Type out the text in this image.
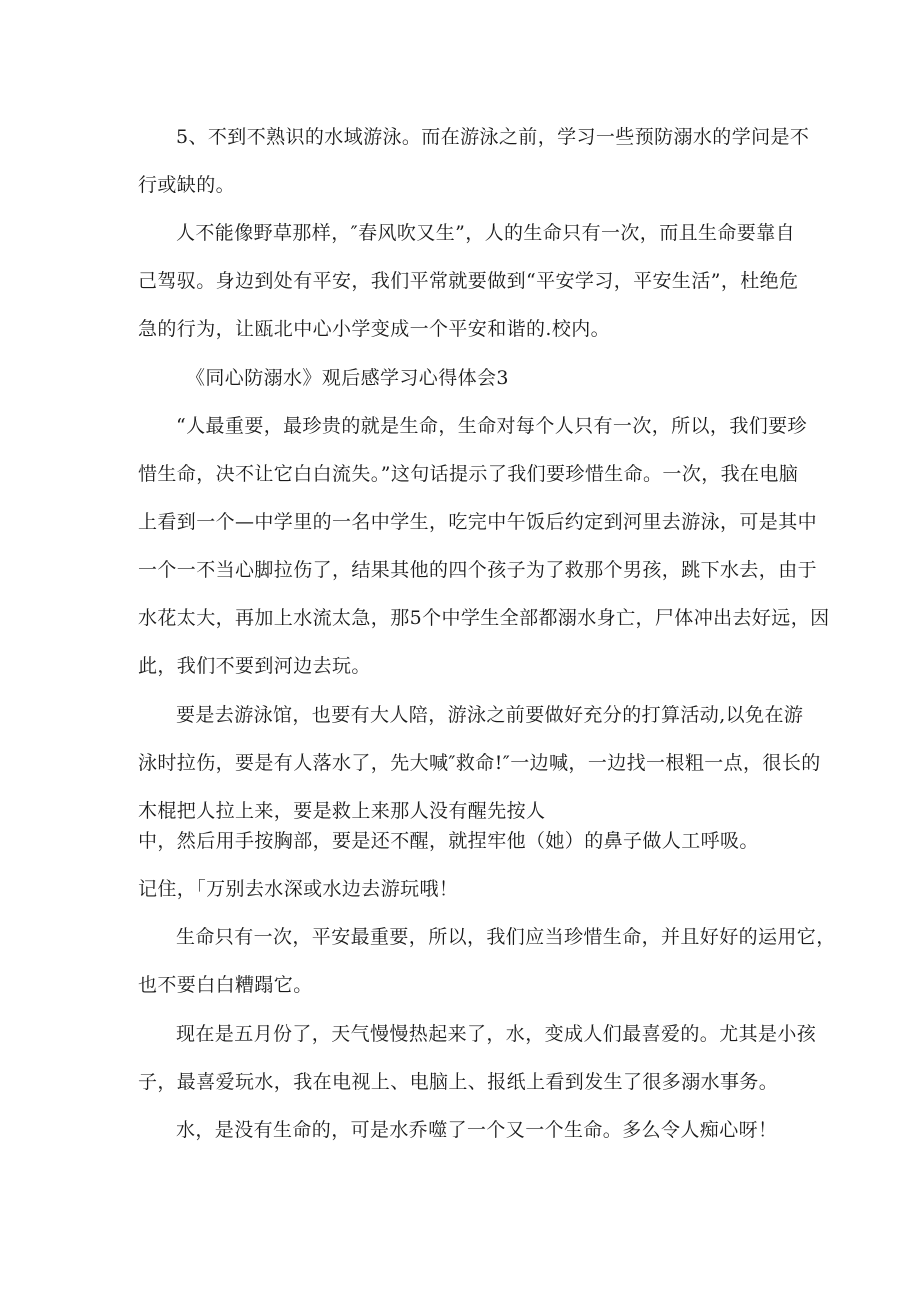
5、不到不熟识的水域游泳。而在游泳之前，学习一些预防溺水的学问是不
行或缺的。
人不能像野草那样，″春风吹又生”，人的生命只有一次，而且生命要靠自
己驾驭。身边到处有平安，我们平常就要做到“平安学习，平安生活”，杜绝危
急的行为，让瓯北中心小学变成一个平安和谐的.校内。
《同心防溺水》观后感学习心得体会3
“人最重要，最珍贵的就是生命，生命对每个人只有一次，所以，我们要珍
惜生命，决不让它白白流失。”这句话提示了我们要珍惜生命。一次，我在电脑
上看到一个—中学里的一名中学生，吃完中午饭后约定到河里去游泳，可是其中
一个一不当心脚拉伤了，结果其他的四个孩子为了救那个男孩，跳下水去，由于
水花太大，再加上水流太急，那5个中学生全部都溺水身亡，尸体冲出去好远，因
此，我们不要到河边去玩。
要是去游泳馆，也要有大人陪，游泳之前要做好充分的打算活动,以免在游
泳时拉伤，要是有人落水了，先大喊″救命!″一边喊，一边找一根粗一点，很长的
木棍把人拉上来，要是救上来那人没有醒先按人
中，然后用手按胸部，要是还不醒，就捏牢他（她）的鼻子做人工呼吸。
记住，「万别去水深或水边去游玩哦！
生命只有一次，平安最重要，所以，我们应当珍惜生命，并且好好的运用它，
也不要白白糟蹋它。
现在是五月份了，天气慢慢热起来了，水，变成人们最喜爱的。尤其是小孩
子，最喜爱玩水，我在电视上、电脑上、报纸上看到发生了很多溺水事务。
水，是没有生命的，可是水乔噬了一个又一个生命。多么令人痴心呀！
